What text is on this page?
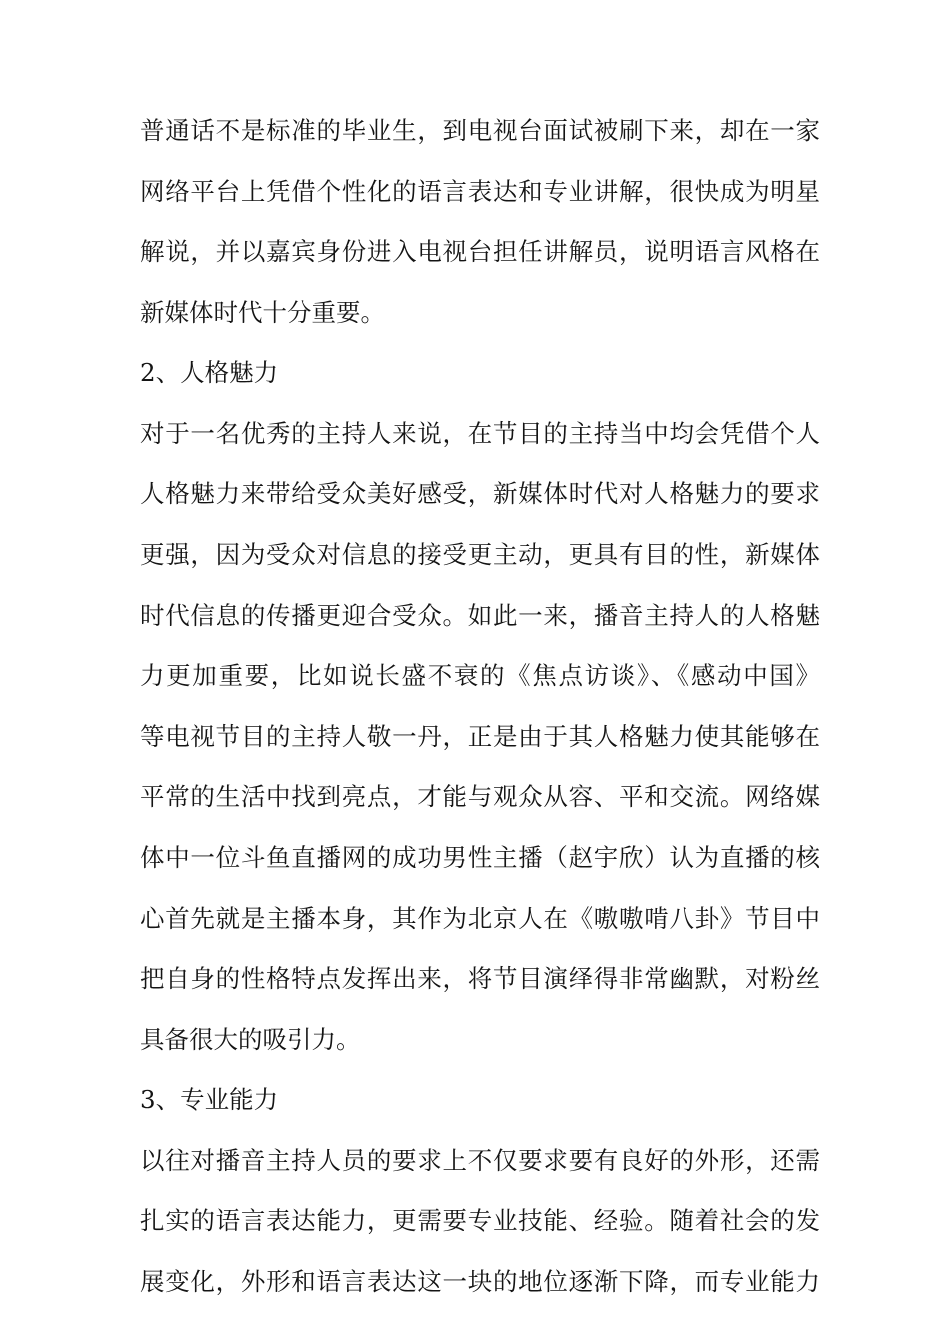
普通话不是标准的毕业生，到电视台面试被刷下来，却在一家
网络平台上凭借个性化的语言表达和专业讲解，很快成为明星
解说，并以嘉宾身份进入电视台担任讲解员，说明语言风格在
新媒体时代十分重要。
2、人格魅力
对于一名优秀的主持人来说，在节目的主持当中均会凭借个人
人格魅力来带给受众美好感受，新媒体时代对人格魅力的要求
更强，因为受众对信息的接受更主动，更具有目的性，新媒体
时代信息的传播更迎合受众。如此一来，播音主持人的人格魅
力更加重要，比如说长盛不衰的《焦点访谈》、《感动中国》
等电视节目的主持人敬一丹，正是由于其人格魅力使其能够在
平常的生活中找到亮点，才能与观众从容、平和交流。网络媒
体中一位斗鱼直播网的成功男性主播（赵宇欣）认为直播的核
心首先就是主播本身，其作为北京人在《嗷嗷啃八卦》节目中
把自身的性格特点发挥出来，将节目演绎得非常幽默，对粉丝
具备很大的吸引力。
3、专业能力
以往对播音主持人员的要求上不仅要求要有良好的外形，还需
扎实的语言表达能力，更需要专业技能、经验。随着社会的发
展变化，外形和语言表达这一块的地位逐渐下降，而专业能力
